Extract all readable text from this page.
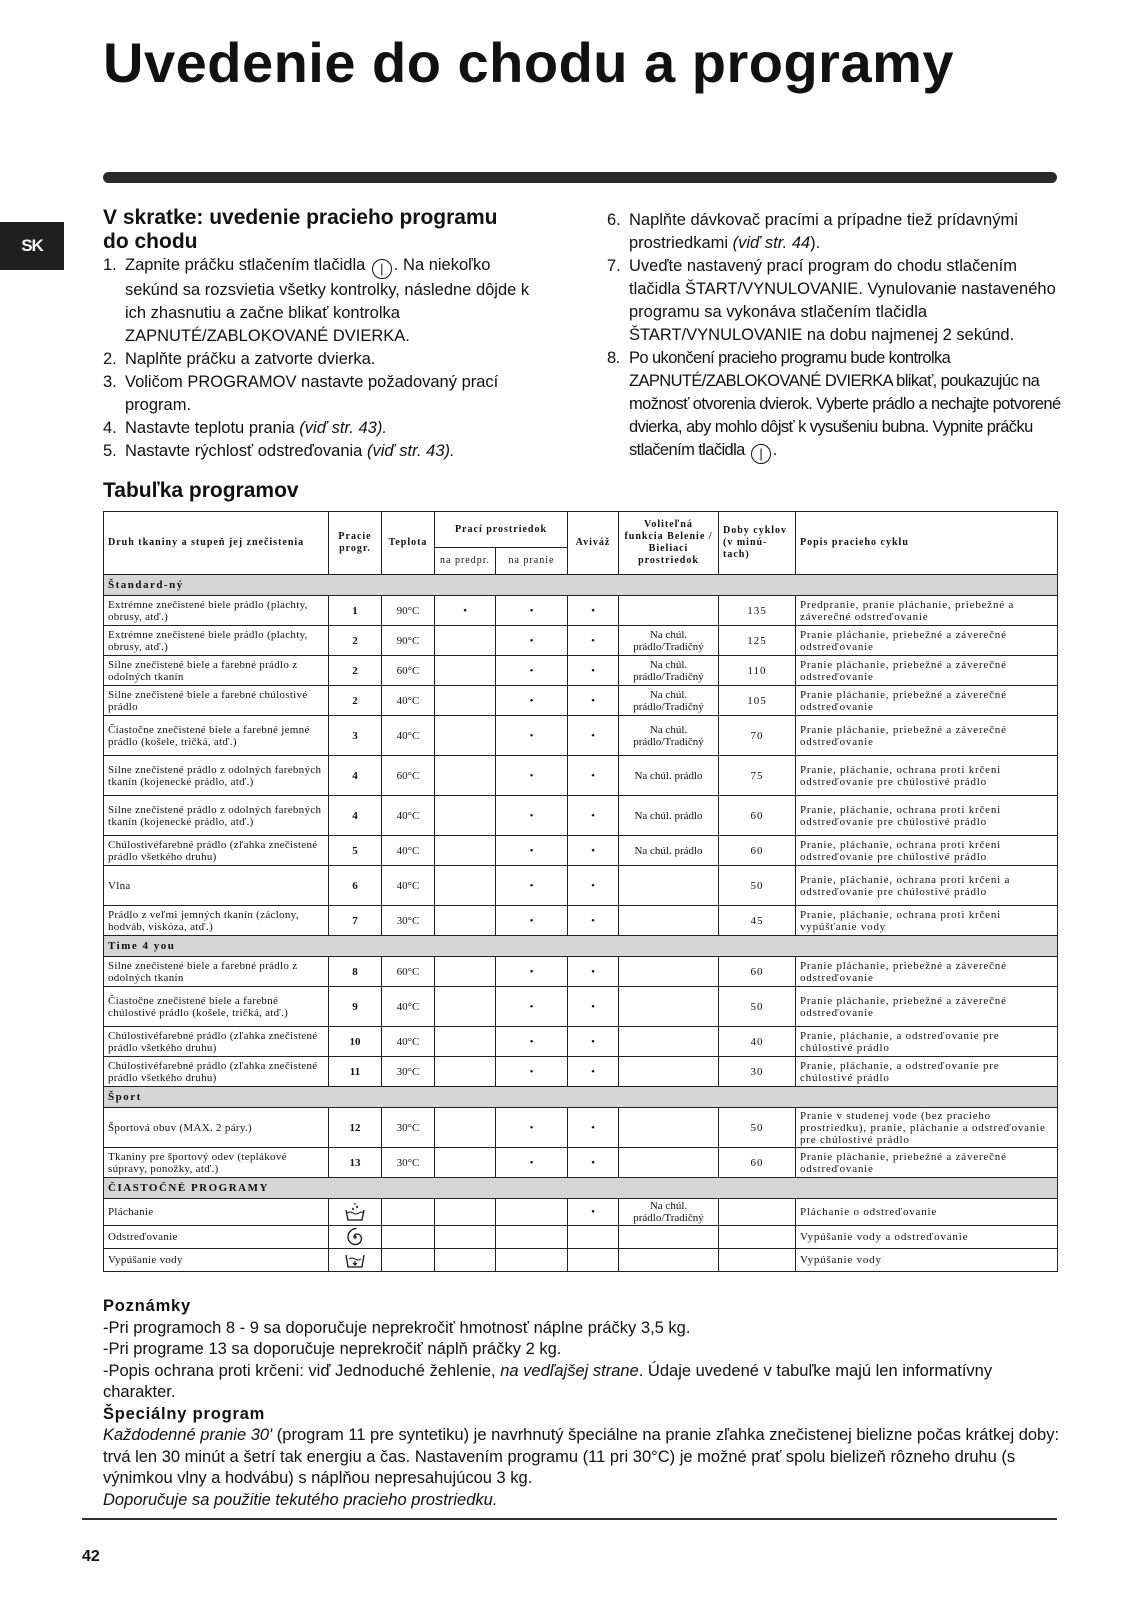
Uvedenie do chodu a programy
SK
V skratke: uvedenie pracieho programu
do chodu
1. Zapnite práčku stlačením tlačidla | . Na niekoľko sekúnd sa rozsvietia všetky kontrolky, následne dôjde k ich zhasnutiu a začne blikať kontrolka ZAPNUTÉ/ZABLOKOVANÉ DVIERKA.
2. Naplňte práčku a zatvorte dvierka.
3. Voličom PROGRAMOV nastavte požadovaný prací program.
4. Nastavte teplotu prania (viď str. 43).
5. Nastavte rýchlosť odstreďovania (viď str. 43).
6. Naplňte dávkovač pracími a prípadne tiež prídavnými prostriedkami (viď str. 44).
7. Uveďte nastavený prací program do chodu stlačením tlačidla ŠTART/VYNULOVANIE. Vynulovanie nastaveného programu sa vykonáva stlačením tlačidla ŠTART/VYNULOVANIE na dobu najmenej 2 sekúnd.
8. Po ukončení pracieho programu bude kontrolka ZAPNUTÉ/ZABLOKOVANÉ DVIERKA blikať, poukazujúc na možnosť otvorenia dvierok. Vyberte prádlo a nechajte potvorené dvierka, aby mohlo dôjsť k vysušeniu bubna. Vypnite práčku stlačením tlačidla | .
Tabuľka programov
Druh tkaniny a stupeň jej znečistenia	Pracie progr.	Teplota	Prací prostriedok		Aviváž	Voliteľná funkcia Belenie / Bieliaci prostriedok	Doby cyklov (v minú-tach)	Popis pracieho cyklu
			na predpr.	na pranie				
Štandard-ný								
Extrémne znečistené biele prádlo (plachty, obrusy, atď.)	1	90°C	•	•	•		135	Predpranie, pranie pláchanie, priebežné a záverečné odstreďovanie
Extrémne znečistené biele prádlo (plachty, obrusy, atď.)	2	90°C		•	•	Na chúl. prádlo/Tradičný	125	Pranie pláchanie, priebežné a záverečné odstreďovanie
Silne znečistené biele a farebné prádlo z odolných tkanín	2	60°C		•	•	Na chúl. prádlo/Tradičný	110	Pranie pláchanie, priebežné a záverečné odstreďovanie
Silne znečistené biele a farebné chúlostivé prádlo	2	40°C		•	•	Na chúl. prádlo/Tradičný	105	Pranie pláchanie, priebežné a záverečné odstreďovanie
Čiastočne znečistené biele a farebné jemné prádlo (košele, tričká, atď.)	3	40°C		•	•	Na chúl. prádlo/Tradičný	70	Pranie pláchanie, priebežné a záverečné odstreďovanie
Silne znečistené prádlo z odolných farebných tkanín (kojenecké prádlo, atď.)	4	60°C		•	•	Na chúl. prádlo	75	Pranie, pláchanie, ochrana proti krčeni odstreďovanie pre chúlostivé prádlo
Silne znečistené prádlo z odolných farebných tkanín (kojenecké prádlo, atď.)	4	40°C		•	•	Na chúl. prádlo	60	Pranie, pláchanie, ochrana proti krčeni odstreďovanie pre chúlostivé prádlo
Chúlostivéfarebné prádlo (zľahka znečistené prádlo všetkého druhu)	5	40°C		•	•	Na chúl. prádlo	60	Pranie, pláchanie, ochrana proti krčeni odstreďovanie pre chúlostivé prádlo
Vlna	6	40°C		•	•		50	Pranie, pláchanie, ochrana proti krčeni a odstreďovanie pre chúlostivé prádlo
Prádlo z veľmi jemných tkanín (záclony, hodváb, viskóza, atď.)	7	30°C		•	•		45	Pranie, pláchanie, ochrana proti krčeni vypúšťanie vody
Time 4 you								
Silne znečistené biele a farebné prádlo z odolných tkanín	8	60°C		•	•		60	Pranie pláchanie, priebežné a záverečné odstreďovanie
Čiastočne znečistené biele a farebné chúlostivé prádlo (košele, tričká, atď.)	9	40°C		•	•		50	Pranie pláchanie, priebežné a záverečné odstreďovanie
Chúlostivéfarebné prádlo (zľahka znečistené prádlo všetkého druhu)	10	40°C		•	•		40	Pranie, pláchanie, a odstreďovanie pre chúlostivé prádlo
Chúlostivéfarebné prádlo (zľahka znečistené prádlo všetkého druhu)	11	30°C		•	•		30	Pranie, pláchanie, a odstreďovanie pre chúlostivé prádlo
Šport								
Športová obuv (MAX. 2 páry.)	12	30°C		•	•		50	Pranie v studenej vode (bez pracieho prostriedku), pranie, pláchanie a odstreďovanie pre chúlostivé prádlo
Tkaniny pre športový odev (teplákové súpravy, ponožky, atď.)	13	30°C		•	•		60	Pranie pláchanie, priebežné a záverečné odstreďovanie
ČIASTOČNÉ PROGRAMY								
Pláchanie					•	Na chúl. prádlo/Tradičný		Pláchanie o odstreďovanie
Odstreďovanie								Vypúšanie vody a odstreďovanie
Vypúšanie vody								Vypúšanie vody
Poznámky

-Pri programoch 8 - 9 sa doporučuje neprekročiť hmotnosť náplne práčky 3,5 kg.

-Pri programe 13 sa doporučuje neprekročiť náplň práčky 2 kg.

-Popis ochrana proti krčeni: viď Jednoduché žehlenie, na vedľajšej strane. Údaje uvedené v tabuľke majú len informatívny charakter.

Špeciálny program

Každodenné pranie 30' (program 11 pre syntetiku) je navrhnutý špeciálne na pranie zľahka znečistenej bielizne počas krátkej doby: trvá len 30 minút a šetrí tak energiu a čas. Nastavením programu (11 pri 30°C) je možné prať spolu bielizeň rôzneho druhu (s výnimkou vlny a hodvábu) s náplňou nepresahujúcou 3 kg.

Doporučuje sa použitie tekutého pracieho prostriedku.

42
